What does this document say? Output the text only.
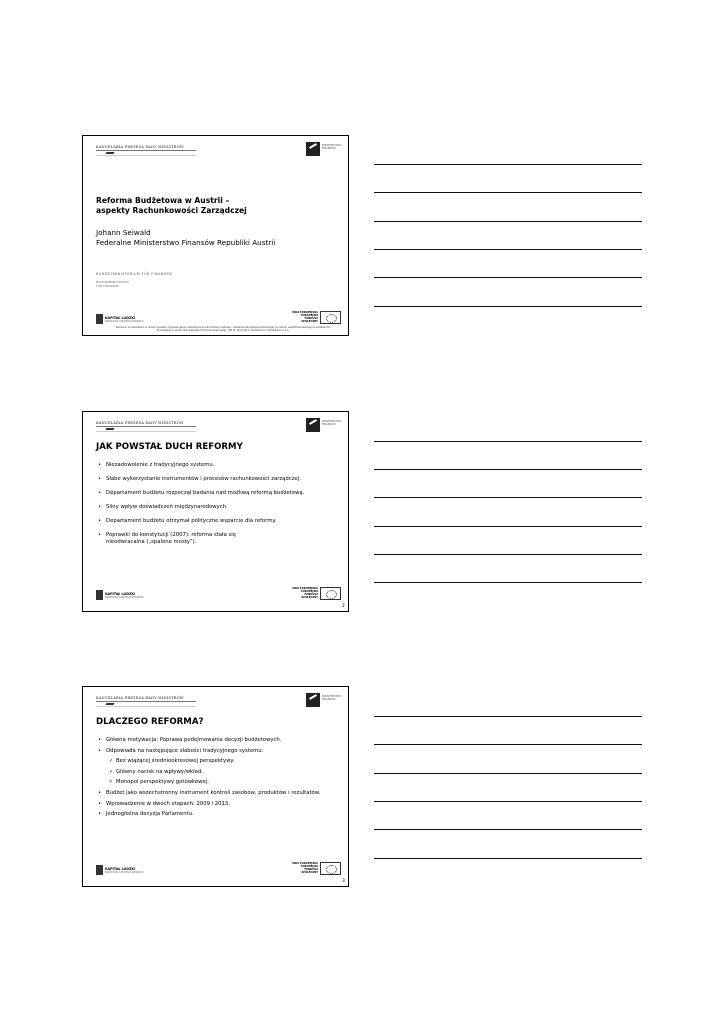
KANCELARIA PREZESA RADY MINISTRÓW	MINISTERSTWO FINANSÓW
Reforma Budżetowa w Austrii –
aspekty Rachunkowości Zarządczej
Johann Seiwald
Federalne Ministerstwo Finansów Republiki Austrii
BUNDESMINISTERIUM FÜR FINANZEN
BUNDESMINISTERIUM
FÜR FINANZEN
KAPITAŁ LUDZKI
NARODOWA STRATEGIA SPÓJNOŚCI
UNIA EUROPEJSKA
EUROPEJSKI
FUNDUSZ SPOŁECZNY
Szkolenie na realizowane w ramach projektu „Poprawa jakości zarządzania w administracji rządowej – Akademia Zarządzania Publicznego” w ramach współfinansowanego ze środków Unii Europejskiej w ramach Europejskiego Funduszu Społecznego. (PO KL, Priorytet V, Działanie 5.1, Poddziałanie 5.1.1)
KANCELARIA PREZESA RADY MINISTRÓW	MINISTERSTWO FINANSÓW
JAK POWSTAŁ DUCH REFORMY
• Niezadowolenie z tradycyjnego systemu.
• Słabe wykorzystanie instrumentów i procesów rachunkowości zarządczej.
• Departament budżetu rozpoczął badania nad możliwą reformą budżetową.
• Silny wpływ doświadczeń międzynarodowych.
• Departament budżetu otrzymał polityczne wsparcie dla reformy.
• Poprawki do konstytucji (2007): reforma stała się nieodwracalna („spalone mosty”).
KAPITAŁ LUDZKI
NARODOWA STRATEGIA SPÓJNOŚCI
UNIA EUROPEJSKA
EUROPEJSKI
FUNDUSZ SPOŁECZNY
2
KANCELARIA PREZESA RADY MINISTRÓW	MINISTERSTWO FINANSÓW
DLACZEGO REFORMA?
• Główna motywacja: Poprawa podejmowania decyzji budżetowych.
• Odpowiada na następujące słabości tradycyjnego systemu:
✓ Bez wiążącej średniookresowej perspektywy.
✓ Główny nacisk na wpływy/wkład.
✓ Monopol perspektywy gotówkowej.
• Budżet jako wszechstronny instrument kontroli zasobów, produktów i rezultatów.
• Wprowadzenie w dwóch etapach: 2009 i 2013.
• Jednogłośna decyzja Parlamentu.
KAPITAŁ LUDZKI
NARODOWA STRATEGIA SPÓJNOŚCI
UNIA EUROPEJSKA
EUROPEJSKI
FUNDUSZ SPOŁECZNY
3
